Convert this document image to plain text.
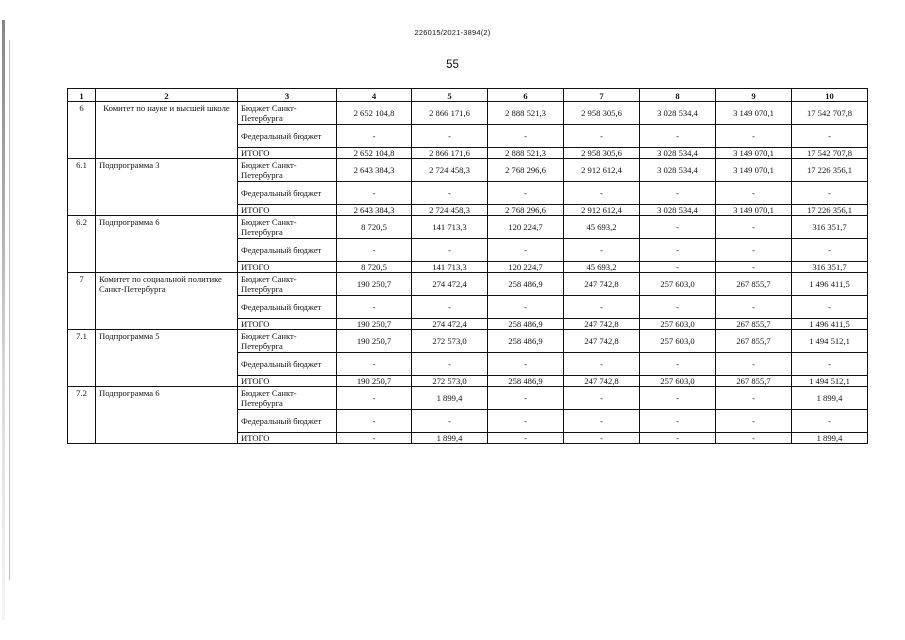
226015/2021-3894(2)
55
1	2	3	4	5	6	7	8	9	10
6	Комитет по науке и высшей школе	Бюджет Санкт-Петербурга	2 652 104,8	2 866 171,6	2 888 521,3	2 958 305,6	3 028 534,4	3 149 070,1	17 542 707,8
		Федеральный бюджет	-	-	-	-	-	-	-
		ИТОГО	2 652 104,8	2 866 171,6	2 888 521,3	2 958 305,6	3 028 534,4	3 149 070,1	17 542 707,8
6.1	Подпрограмма 3	Бюджет Санкт-Петербурга	2 643 384,3	2 724 458,3	2 768 296,6	2 912 612,4	3 028 534,4	3 149 070,1	17 226 356,1
		Федеральный бюджет	-	-	-	-	-	-	-
		ИТОГО	2 643 384,3	2 724 458,3	2 768 296,6	2 912 612,4	3 028 534,4	3 149 070,1	17 226 356,1
6.2	Подпрограмма 6	Бюджет Санкт-Петербурга	8 720,5	141 713,3	120 224,7	45 693,2	-	-	316 351,7
		Федеральный бюджет	-	-	-	-	-	-	-
		ИТОГО	8 720,5	141 713,3	120 224,7	45 693,2	-	-	316 351,7
7	Комитет по социальной политике Санкт-Петербурга	Бюджет Санкт-Петербурга	190 250,7	274 472,4	258 486,9	247 742,8	257 603,0	267 855,7	1 496 411,5
		Федеральный бюджет	-	-	-	-	-	-	-
		ИТОГО	190 250,7	274 472,4	258 486,9	247 742,8	257 603,0	267 855,7	1 496 411,5
7.1	Подпрограмма 5	Бюджет Санкт-Петербурга	190 250,7	272 573,0	258 486,9	247 742,8	257 603,0	267 855,7	1 494 512,1
		Федеральный бюджет	-	-	-	-	-	-	-
		ИТОГО	190 250,7	272 573,0	258 486,9	247 742,8	257 603,0	267 855,7	1 494 512,1
7.2	Подпрограмма 6	Бюджет Санкт-Петербурга	-	1 899,4	-	-	-	-	1 899,4
		Федеральный бюджет	-	-	-	-	-	-	-
		ИТОГО	-	1 899,4	-	-	-	-	1 899,4
